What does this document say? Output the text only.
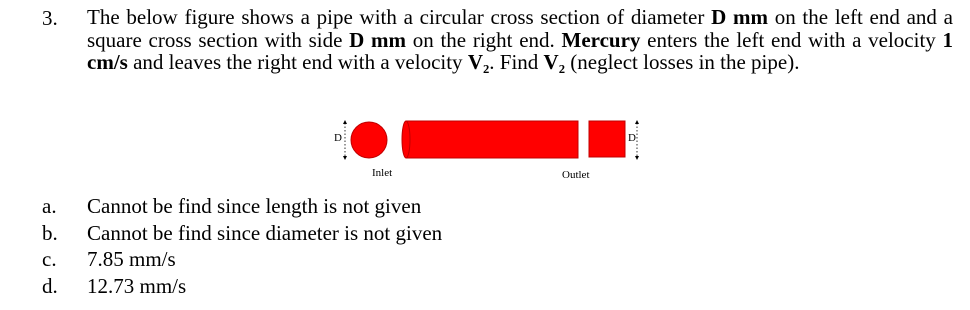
3. The below figure shows a pipe with a circular cross section of diameter D mm on the left end and a square cross section with side D mm on the right end. Mercury enters the left end with a velocity 1 cm/s and leaves the right end with a velocity V₂. Find V₂ (neglect losses in the pipe).
D	D
Inlet	Outlet
a.	Cannot be find since length is not given
b.	Cannot be find since diameter is not given
c.	7.85 mm/s
d.	12.73 mm/s
